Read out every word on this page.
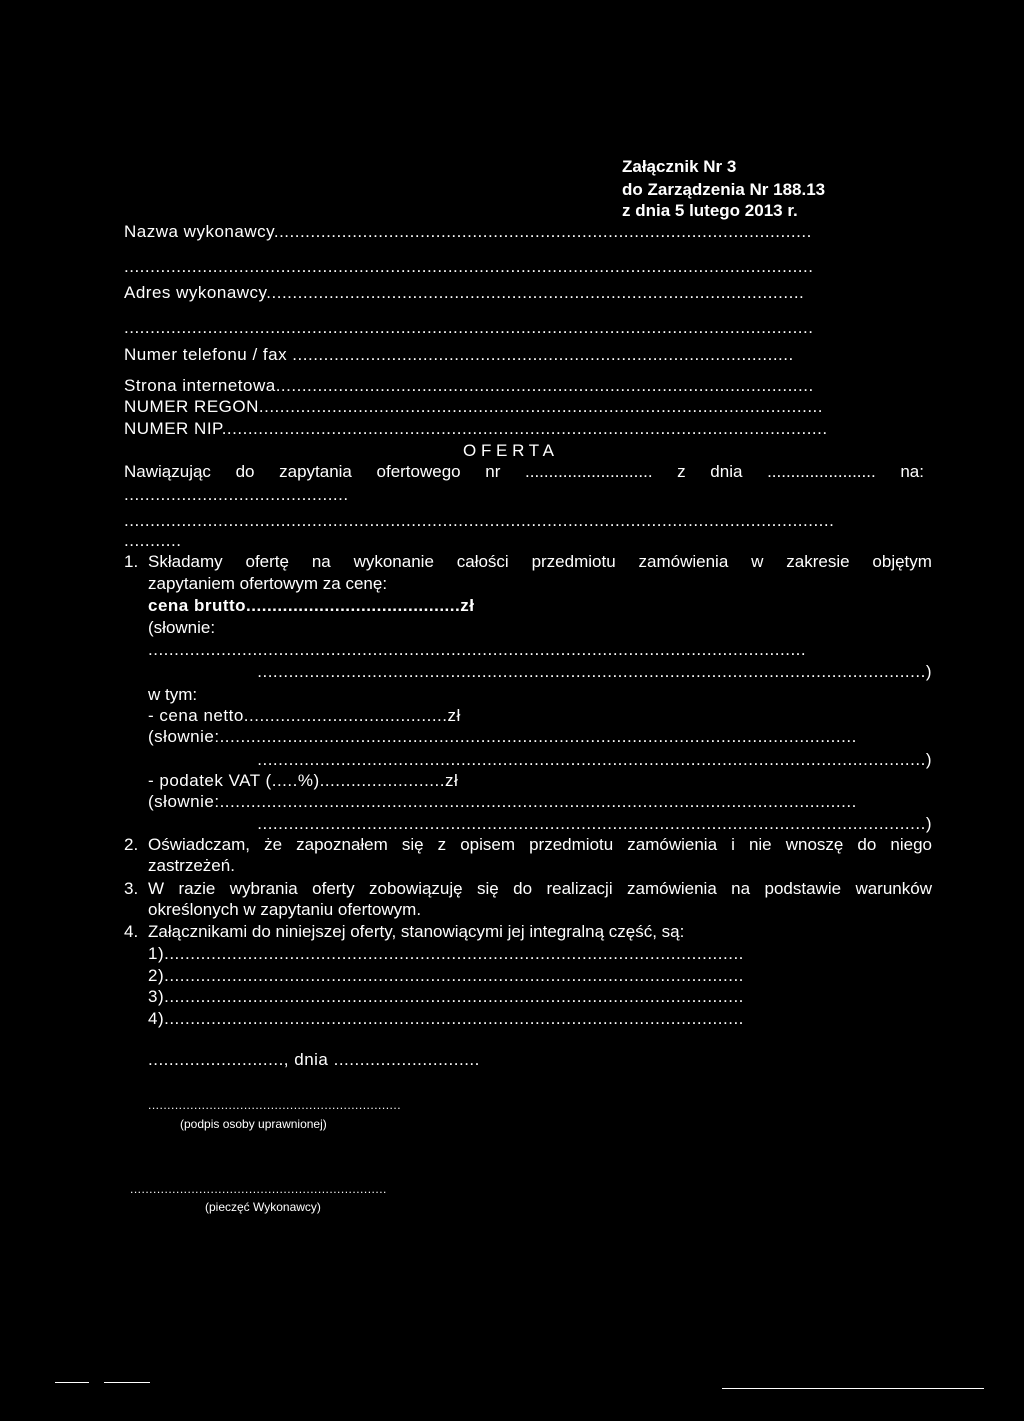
Załącznik Nr 3
do Zarządzenia Nr 188.13
z dnia 5 lutego 2013 r.
Nazwa wykonawcy.......................................................................................................
....................................................................................................................................
Adres wykonawcy.......................................................................................................
....................................................................................................................................
Numer telefonu / fax ................................................................................................
Strona internetowa.......................................................................................................
NUMER REGON............................................................................................................
NUMER NIP....................................................................................................................
O F E R T A
Nawiązując do zapytania ofertowego nr ........................... z dnia ....................... na:
...........................................
........................................................................................................................................
...........
1. Składamy ofertę na wykonanie całości przedmiotu zamówienia w zakresie objętym
zapytaniem ofertowym za cenę:
cena brutto.........................................zł
(słownie:
..............................................................................................................................
................................................................................................................................)
w tym:
- cena netto.......................................zł
(słownie:..........................................................................................................................
................................................................................................................................)
- podatek VAT (.....%)........................zł
(słownie:..........................................................................................................................
................................................................................................................................)
2. Oświadczam, że zapoznałem się z opisem przedmiotu zamówienia i nie wnoszę do niego
zastrzeżeń.
3. W razie wybrania oferty zobowiązuję się do realizacji zamówienia na podstawie warunków
określonych w zapytaniu ofertowym.
4. Załącznikami do niniejszej oferty, stanowiącymi jej integralną część, są:
1)...............................................................................................................
2)...............................................................................................................
3)...............................................................................................................
4)...............................................................................................................
.........................., dnia ............................
..................................................................
(podpis osoby uprawnionej)
...................................................................
(pieczęć Wykonawcy)
